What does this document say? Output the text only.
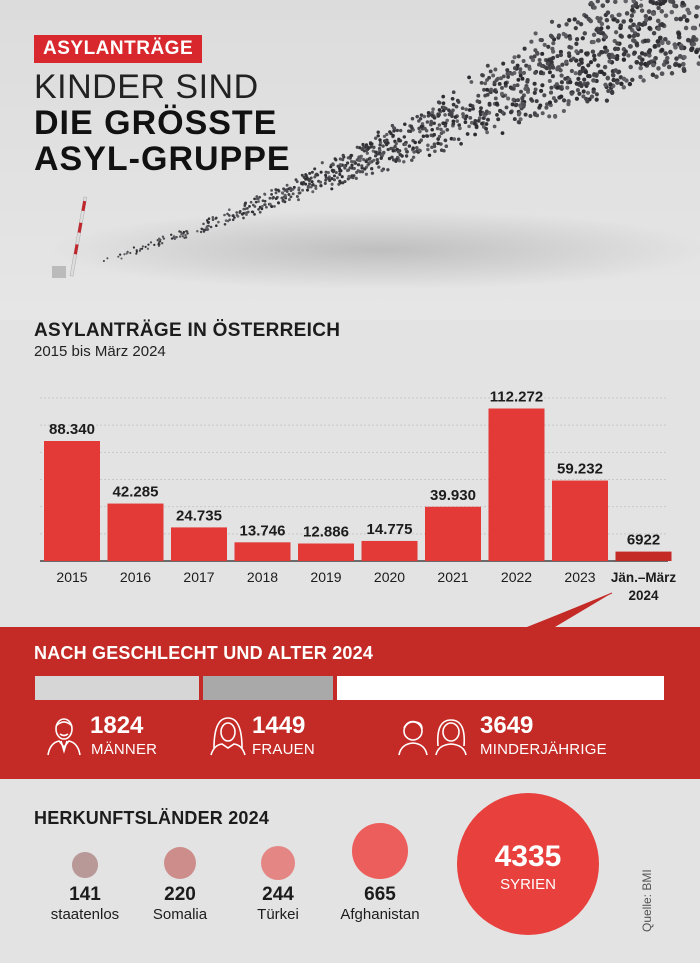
ASYLANTRÄGE
KINDER SIND
DIE GRÖSSTE
ASYL-GRUPPE
ASYLANTRÄGE IN ÖSTERREICH
2015 bis März 2024
88.340
2015
42.285
2016
24.735
2017
13.746
2018
12.886
2019
14.775
2020
39.930
2021
112.272
2022
59.232
2023
6922
Jän.–März
2024
NACH GESCHLECHT UND ALTER 2024
1824
MÄNNER
1449
FRAUEN
3649
MINDERJÄHRIGE
HERKUNFTSLÄNDER 2024
141
staatenlos
220
Somalia
244
Türkei
665
Afghanistan
4335
SYRIEN	Quelle: BMI
